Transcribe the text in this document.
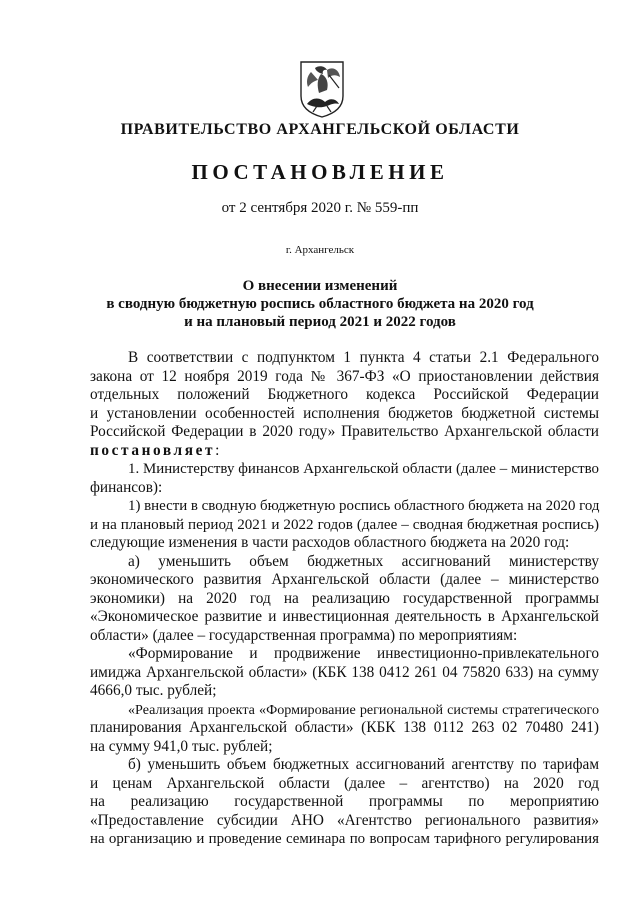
ПРАВИТЕЛЬСТВО АРХАНГЕЛЬСКОЙ ОБЛАСТИ
ПОСТАНОВЛЕНИЕ
от 2 сентября 2020 г. № 559-пп
г. Архангельск
О внесении изменений
в сводную бюджетную роспись областного бюджета на 2020 год
и на плановый период 2021 и 2022 годов
В соответствии с подпунктом 1 пункта 4 статьи 2.1 Федерального
закона от 12 ноября 2019 года № 367-ФЗ «О приостановлении действия
отдельных положений Бюджетного кодекса Российской Федерации
и установлении особенностей исполнения бюджетов бюджетной системы
Российской Федерации в 2020 году» Правительство Архангельской области
постановляет:
1. Министерству финансов Архангельской области (далее – министерство
финансов):
1) внести в сводную бюджетную роспись областного бюджета на 2020 год
и на плановый период 2021 и 2022 годов (далее – сводная бюджетная роспись)
следующие изменения в части расходов областного бюджета на 2020 год:
а) уменьшить объем бюджетных ассигнований министерству
экономического развития Архангельской области (далее – министерство
экономики) на 2020 год на реализацию государственной программы
«Экономическое развитие и инвестиционная деятельность в Архангельской
области» (далее – государственная программа) по мероприятиям:
«Формирование и продвижение инвестиционно-привлекательного
имиджа Архангельской области» (КБК 138 0412 261 04 75820 633) на сумму
4666,0 тыс. рублей;
«Реализация проекта «Формирование региональной системы стратегического
планирования Архангельской области» (КБК 138 0112 263 02 70480 241)
на сумму 941,0 тыс. рублей;
б) уменьшить объем бюджетных ассигнований агентству по тарифам
и ценам Архангельской области (далее – агентство) на 2020 год
на реализацию государственной программы по мероприятию
«Предоставление субсидии АНО «Агентство регионального развития»
на организацию и проведение семинара по вопросам тарифного регулирования
